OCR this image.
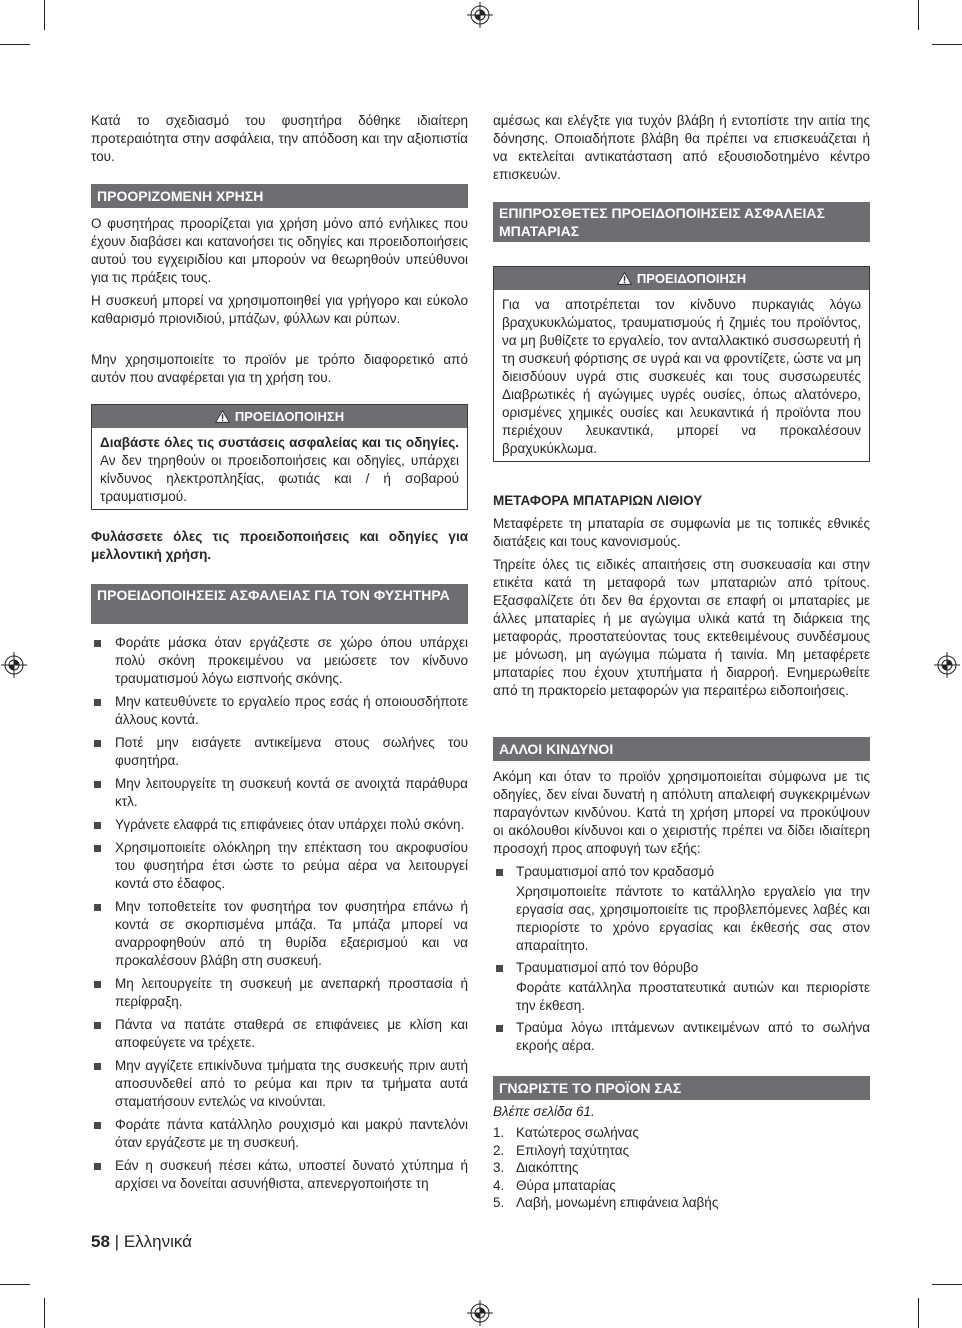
Κατά το σχεδιασμό του φυσητήρα δόθηκε ιδιαίτερη προτεραιότητα στην ασφάλεια, την απόδοση και την αξιοπιστία του.

ΠΡΟΟΡΙΖΟΜΕΝΗ ΧΡΗΣΗ

Ο φυσητήρας προορίζεται για χρήση μόνο από ενήλικες που έχουν διαβάσει και κατανοήσει τις οδηγίες και προειδοποιήσεις αυτού του εγχειριδίου και μπορούν να θεωρηθούν υπεύθυνοι για τις πράξεις τους.

Η συσκευή μπορεί να χρησιμοποιηθεί για γρήγορο και εύκολο καθαρισμό πριονιδιού, μπάζων, φύλλων και ρύπων.

Μην χρησιμοποιείτε το προϊόν με τρόπο διαφορετικό από αυτόν που αναφέρεται για τη χρήση του.

ΠΡΟΕΙΔΟΠΟΙΗΣΗ
Διαβάστε όλες τις συστάσεις ασφαλείας και τις οδηγίες. Αν δεν τηρηθούν οι προειδοποιήσεις και οδηγίες, υπάρχει κίνδυνος ηλεκτροπληξίας, φωτιάς και / ή σοβαρού τραυματισμού.

Φυλάσσετε όλες τις προειδοποιήσεις και οδηγίες για μελλοντική χρήση.

ΠΡΟΕΙΔΟΠΟΙΗΣΕΙΣ ΑΣΦΑΛΕΙΑΣ ΓΙΑ ΤΟΝ ΦΥΣΗΤΗΡΑ
Φοράτε μάσκα όταν εργάζεστε σε χώρο όπου υπάρχει πολύ σκόνη προκειμένου να μειώσετε τον κίνδυνο τραυματισμού λόγω εισπνοής σκόνης.
Μην κατευθύνετε το εργαλείο προς εσάς ή οποιουσδήποτε άλλους κοντά.
Ποτέ μην εισάγετε αντικείμενα στους σωλήνες του φυσητήρα.
Μην λειτουργείτε τη συσκευή κοντά σε ανοιχτά παράθυρα κτλ.
Υγράνετε ελαφρά τις επιφάνειες όταν υπάρχει πολύ σκόνη.
Χρησιμοποιείτε ολόκληρη την επέκταση του ακροφυσίου του φυσητήρα έτσι ώστε το ρεύμα αέρα να λειτουργεί κοντά στο έδαφος.
Μην τοποθετείτε τον φυσητήρα τον φυσητήρα επάνω ή κοντά σε σκορπισμένα μπάζα. Τα μπάζα μπορεί να αναρροφηθούν από τη θυρίδα εξαερισμού και να προκαλέσουν βλάβη στη συσκευή.
Μη λειτουργείτε τη συσκευή με ανεπαρκή προστασία ή περίφραξη.
Πάντα να πατάτε σταθερά σε επιφάνειες με κλίση και αποφεύγετε να τρέχετε.
Μην αγγίζετε επικίνδυνα τμήματα της συσκευής πριν αυτή αποσυνδεθεί από το ρεύμα και πριν τα τμήματα αυτά σταματήσουν εντελώς να κινούνται.
Φοράτε πάντα κατάλληλο ρουχισμό και μακρύ παντελόνι όταν εργάζεστε με τη συσκευή.
Εάν η συσκευή πέσει κάτω, υποστεί δυνατό χτύπημα ή αρχίσει να δονείται ασυνήθιστα, απενεργοποιήστε τη

αμέσως και ελέγξτε για τυχόν βλάβη ή εντοπίστε την αιτία της δόνησης. Οποιαδήποτε βλάβη θα πρέπει να επισκευάζεται ή να εκτελείται αντικατάσταση από εξουσιοδοτημένο κέντρο επισκευών.

ΕΠΙΠΡΟΣΘΕΤΕΣ ΠΡΟΕΙΔΟΠΟΙΗΣΕΙΣ ΑΣΦΑΛΕΙΑΣ ΜΠΑΤΑΡΙΑΣ
ΠΡΟΕΙΔΟΠΟΙΗΣΗ
Για να αποτρέπεται τον κίνδυνο πυρκαγιάς λόγω βραχυκυκλώματος, τραυματισμούς ή ζημιές του προϊόντος, να μη βυθίζετε το εργαλείο, τον ανταλλακτικό συσσωρευτή ή τη συσκευή φόρτισης σε υγρά και να φροντίζετε, ώστε να μη διεισδύουν υγρά στις συσκευές και τους συσσωρευτές Διαβρωτικές ή αγώγιμες υγρές ουσίες, όπως αλατόνερο, ορισμένες χημικές ουσίες και λευκαντικά ή προϊόντα που περιέχουν λευκαντικά, μπορεί να προκαλέσουν βραχυκύκλωμα.
ΜΕΤΑΦΟΡΑ ΜΠΑΤΑΡΙΩΝ ΛΙΘΙΟΥ

Μεταφέρετε τη μπαταρία σε συμφωνία με τις τοπικές εθνικές διατάξεις και τους κανονισμούς.

Τηρείτε όλες τις ειδικές απαιτήσεις στη συσκευασία και στην ετικέτα κατά τη μεταφορά των μπαταριών από τρίτους. Εξασφαλίζετε ότι δεν θα έρχονται σε επαφή οι μπαταρίες με άλλες μπαταρίες ή με αγώγιμα υλικά κατά τη διάρκεια της μεταφοράς, προστατεύοντας τους εκτεθειμένους συνδέσμους με μόνωση, μη αγώγιμα πώματα ή ταινία. Μη μεταφέρετε μπαταρίες που έχουν χτυπήματα ή διαρροή. Ενημερωθείτε από τη πρακτορείο μεταφορών για περαιτέρω ειδοποιήσεις.

ΑΛΛΟΙ ΚΙΝΔΥΝΟΙ

Ακόμη και όταν το προϊόν χρησιμοποιείται σύμφωνα με τις οδηγίες, δεν είναι δυνατή η απόλυτη απαλειφή συγκεκριμένων παραγόντων κινδύνου. Κατά τη χρήση μπορεί να προκύψουν οι ακόλουθοι κίνδυνοι και ο χειριστής πρέπει να δίδει ιδιαίτερη προσοχή προς αποφυγή των εξής:

Τραυματισμοί από τον κραδασμό
Χρησιμοποιείτε πάντοτε το κατάλληλο εργαλείο για την εργασία σας, χρησιμοποιείτε τις προβλεπόμενες λαβές και περιορίστε το χρόνο εργασίας και έκθεσής σας στον απαραίτητο.
Τραυματισμοί από τον θόρυβο
Φοράτε κατάλληλα προστατευτικά αυτιών και περιορίστε την έκθεση.
Τραύμα λόγω ιπτάμενων αντικειμένων από το σωλήνα εκροής αέρα.
ΓΝΩΡΙΣΤΕ ΤΟ ΠΡΟΪΟΝ ΣΑΣ

Βλέπε σελίδα 61.

1. Κατώτερος σωλήνας
2. Επιλογή ταχύτητας
3. Διακόπτης
4. Θύρα μπαταρίας
5. Λαβή, μονωμένη επιφάνεια λαβής
58 | Ελληνικά
